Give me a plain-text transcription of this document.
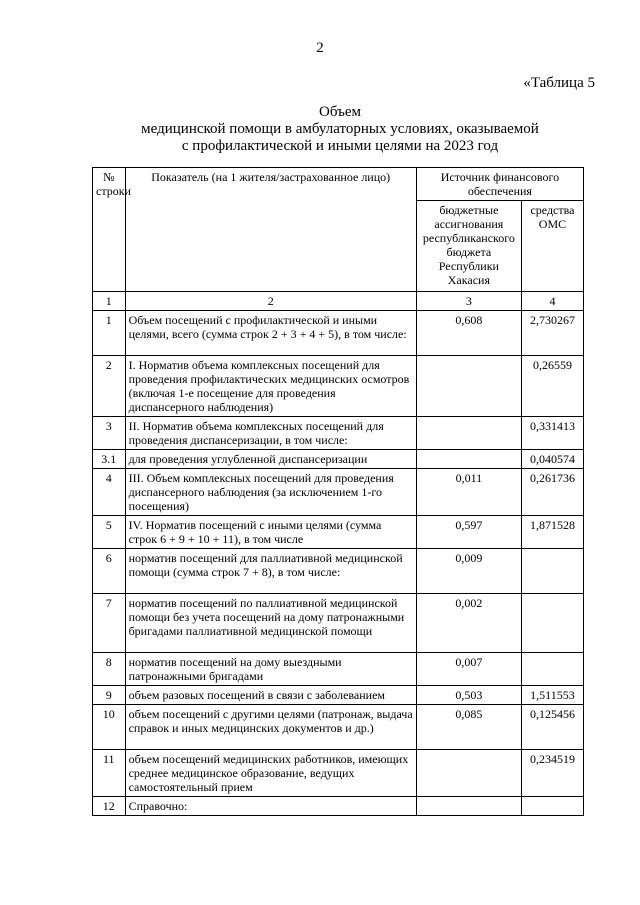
2
«Таблица 5
Объем
медицинской помощи в амбулаторных условиях, оказываемой
с профилактической и иными целями на 2023 год
№ строки	Показатель (на 1 жителя/застрахованное лицо)	Источник финансового обеспечения	
		бюджетные ассигнования республиканского бюджета Республики Хакасия	средства ОМС
1	2	3	4
1	Объем посещений с профилактической и иными целями, всего (сумма строк 2 + 3 + 4 + 5), в том числе:	0,608	2,730267
2	I. Норматив объема комплексных посещений для проведения профилактических медицинских осмотров (включая 1-е посещение для проведения диспансерного наблюдения)		0,26559
3	II. Норматив объема комплексных посещений для проведения диспансеризации, в том числе:		0,331413
3.1	для проведения углубленной диспансеризации		0,040574
4	III. Объем комплексных посещений для проведения диспансерного наблюдения (за исключением 1-го посещения)	0,011	0,261736
5	IV. Норматив посещений с иными целями (сумма строк 6 + 9 + 10 + 11), в том числе	0,597	1,871528
6	норматив посещений для паллиативной медицинской помощи (сумма строк 7 + 8), в том числе:	0,009	
7	норматив посещений по паллиативной медицинской помощи без учета посещений на дому патронажными бригадами паллиативной медицинской помощи	0,002	
8	норматив посещений на дому выездными патронажными бригадами	0,007	
9	объем разовых посещений в связи с заболеванием	0,503	1,511553
10	объем посещений с другими целями (патронаж, выдача справок и иных медицинских документов и др.)	0,085	0,125456
11	объем посещений медицинских работников, имеющих среднее медицинское образование, ведущих самостоятельный прием		0,234519
12	Справочно:		
